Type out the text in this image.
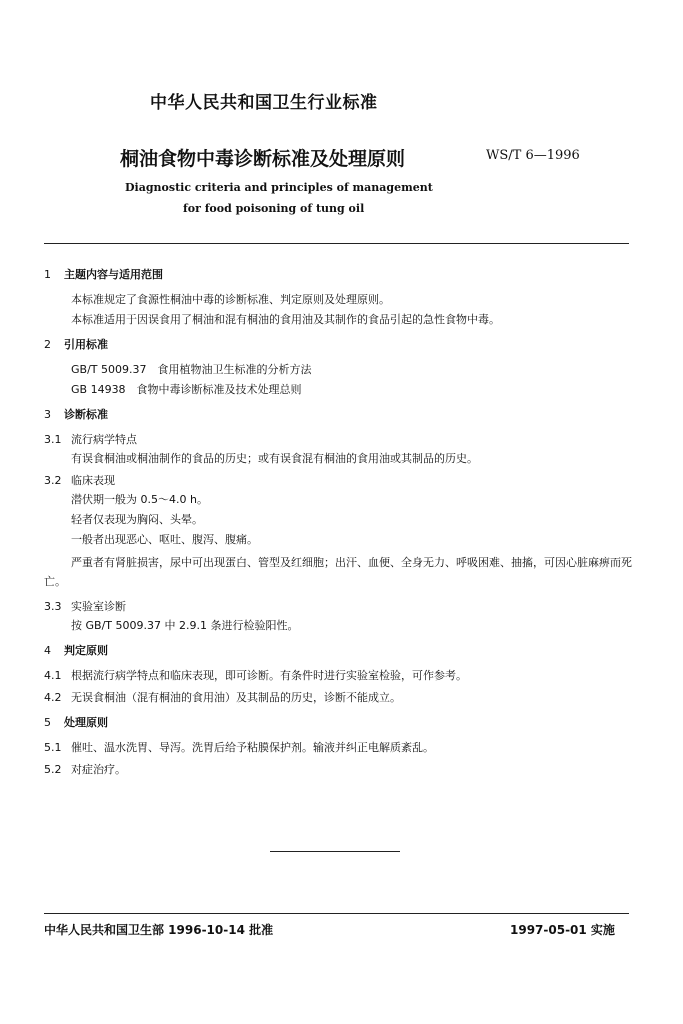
中华人民共和国卫生行业标准
桐油食物中毒诊断标准及处理原则	WS/T 6—1996
Diagnostic criteria and principles of management
for food poisoning of tung oil
1	主题内容与适用范围
本标准规定了食源性桐油中毒的诊断标准、判定原则及处理原则。
本标准适用于因误食用了桐油和混有桐油的食用油及其制作的食品引起的急性食物中毒。
2	引用标准
GB/T 5009.37　食用植物油卫生标准的分析方法
GB 14938　食物中毒诊断标准及技术处理总则
3	诊断标准
3.1 流行病学特点
有误食桐油或桐油制作的食品的历史；或有误食混有桐油的食用油或其制品的历史。
3.2 临床表现
潜伏期一般为 0.5～4.0 h。
轻者仅表现为胸闷、头晕。
一般者出现恶心、呕吐、腹泻、腹痛。
严重者有肾脏损害，尿中可出现蛋白、管型及红细胞；出汗、血便、全身无力、呼吸困难、抽搐，可因心脏麻痹而死亡。
3.3 实验室诊断
按 GB/T 5009.37 中 2.9.1 条进行检验阳性。
4	判定原则
4.1 根据流行病学特点和临床表现，即可诊断。有条件时进行实验室检验，可作参考。
4.2 无误食桐油（混有桐油的食用油）及其制品的历史，诊断不能成立。
5	处理原则
5.1 催吐、温水洗胃、导泻。洗胃后给予粘膜保护剂。输液并纠正电解质紊乱。
5.2 对症治疗。
中华人民共和国卫生部 1996-10-14 批准	1997-05-01 实施
